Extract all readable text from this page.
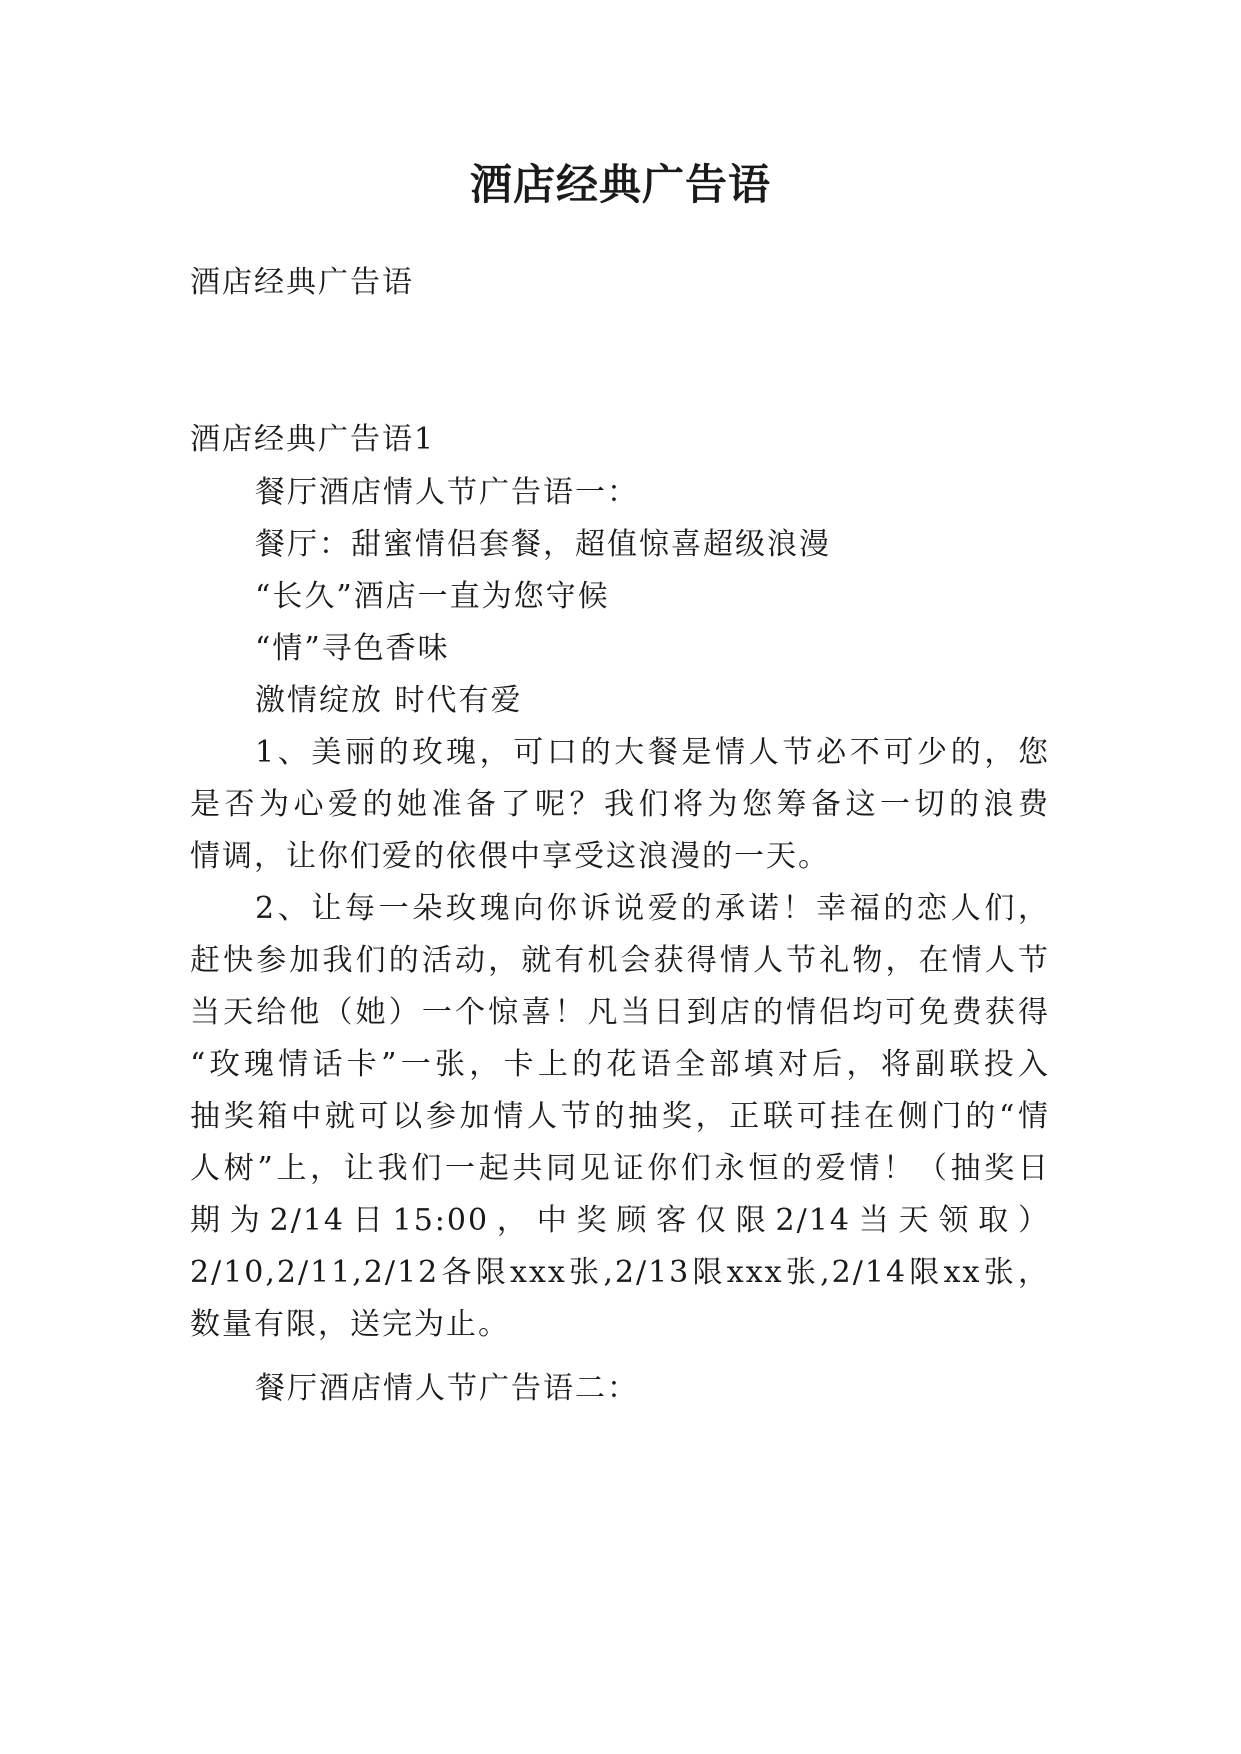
酒店经典广告语
酒店经典广告语
酒店经典广告语1
餐厅酒店情人节广告语一：
餐厅：甜蜜情侣套餐，超值惊喜超级浪漫
“长久”酒店一直为您守候
“情”寻色香味
激情绽放 时代有爱
1、美丽的玫瑰，可口的大餐是情人节必不可少的，您
是否为心爱的她准备了呢？我们将为您筹备这一切的浪费
情调，让你们爱的依偎中享受这浪漫的一天。
2、让每一朵玫瑰向你诉说爱的承诺！幸福的恋人们，
赶快参加我们的活动，就有机会获得情人节礼物，在情人节
当天给他（她）一个惊喜！凡当日到店的情侣均可免费获得
“玫瑰情话卡”一张，卡上的花语全部填对后，将副联投入
抽奖箱中就可以参加情人节的抽奖，正联可挂在侧门的“情
人树”上，让我们一起共同见证你们永恒的爱情！（抽奖日
期为2/14日15:00，中奖顾客仅限2/14当天领取）
2/10,2/11,2/12各限xxx张,2/13限xxx张,2/14限xx张，
数量有限，送完为止。
餐厅酒店情人节广告语二：
